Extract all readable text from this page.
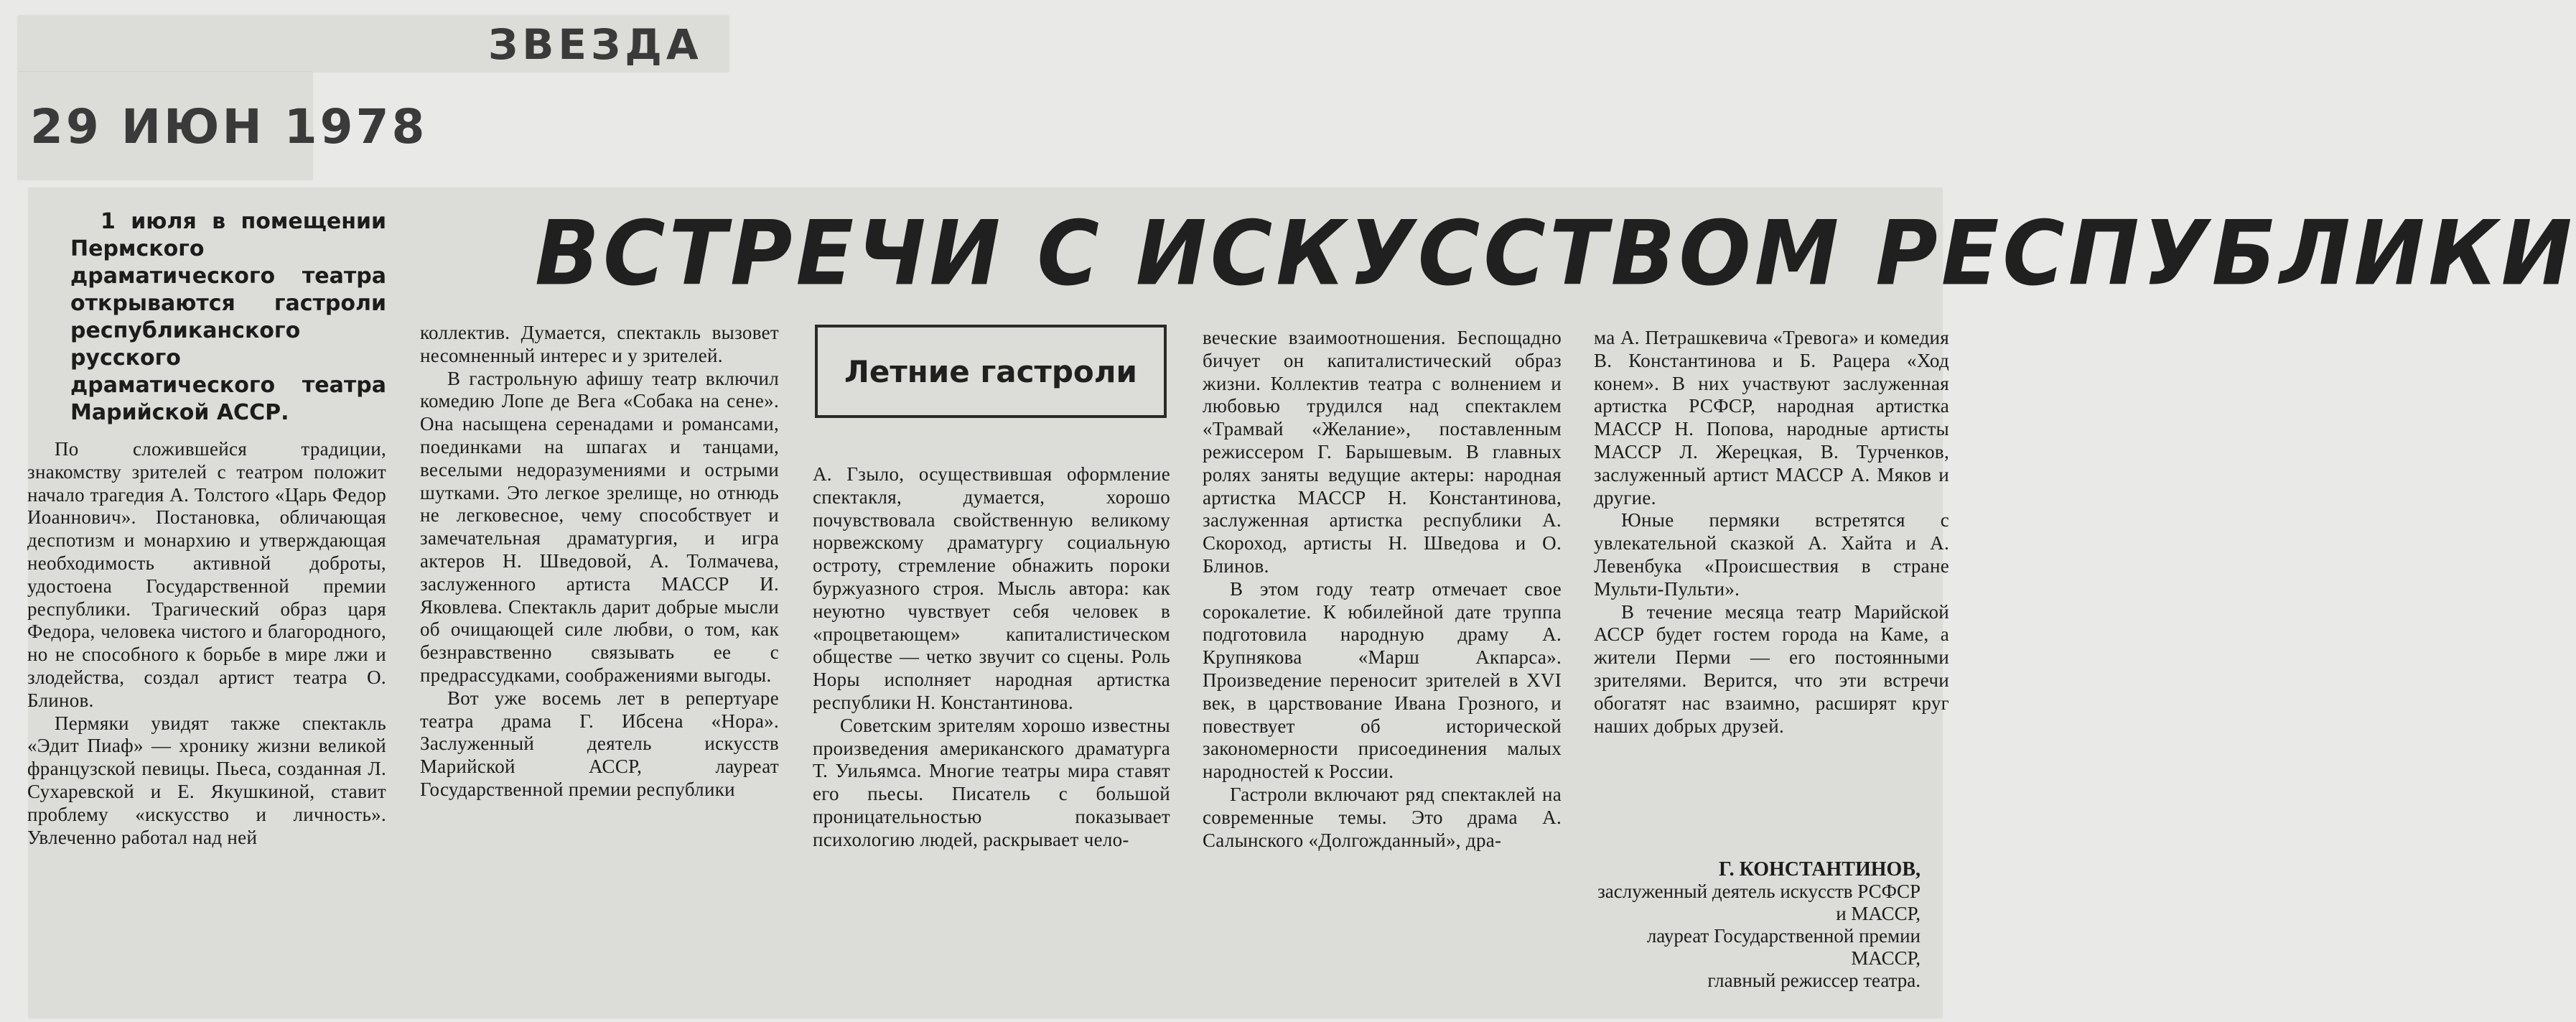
ЗВЕЗДА
29 ИЮН 1978
ВСТРЕЧИ С ИСКУССТВОМ РЕСПУБЛИКИ
1 июля в помещении Пермского драматического театра открываются гастроли республиканского русского драматического театра Марийской АССР.
Летние гастроли

По сложившейся традиции, знакомству зрителей с театром положит начало трагедия А. Толстого «Царь Федор Иоаннович». Постановка, обличающая деспотизм и монархию и утверждающая необходимость активной доброты, удостоена Государственной премии республики. Трагический образ царя Федора, человека чистого и благородного, но не способного к борьбе в мире лжи и злодейства, создал артист театра О. Блинов.

Пермяки увидят также спектакль «Эдит Пиаф» — хронику жизни великой французской певицы. Пьеса, созданная Л. Сухаревской и Е. Якушкиной, ставит проблему «искусство и личность». Увлеченно работал над ней

коллектив. Думается, спектакль вызовет несомненный интерес и у зрителей.

В гастрольную афишу театр включил комедию Лопе де Вега «Собака на сене». Она насыщена серенадами и романсами, поединками на шпагах и танцами, веселыми недоразумениями и острыми шутками. Это легкое зрелище, но отнюдь не легковесное, чему способствует и замечательная драматургия, и игра актеров Н. Шведовой, А. Толмачева, заслуженного артиста МАССР И. Яковлева. Спектакль дарит добрые мысли об очищающей силе любви, о том, как безнравственно связывать ее с предрассудками, соображениями выгоды.

Вот уже восемь лет в репертуаре театра драма Г. Ибсена «Нора». Заслуженный деятель искусств Марийской АССР, лауреат Государственной премии республики

А. Гзыло, осуществившая оформление спектакля, думается, хорошо почувствовала свойственную великому норвежскому драматургу социальную остроту, стремление обнажить пороки буржуазного строя. Мысль автора: как неуютно чувствует себя человек в «процветающем» капиталистическом обществе — четко звучит со сцены. Роль Норы исполняет народная артистка республики Н. Константинова.

Советским зрителям хорошо известны произведения американского драматурга Т. Уильямса. Многие театры мира ставят его пьесы. Писатель с большой проницательностью показывает психологию людей, раскрывает чело-

веческие взаимоотношения. Беспощадно бичует он капиталистический образ жизни. Коллектив театра с волнением и любовью трудился над спектаклем «Трамвай «Желание», поставленным режиссером Г. Барышевым. В главных ролях заняты ведущие актеры: народная артистка МАССР Н. Константинова, заслуженная артистка республики А. Скороход, артисты Н. Шведова и О. Блинов.

В этом году театр отмечает свое сорокалетие. К юбилейной дате труппа подготовила народную драму А. Крупнякова «Марш Акпарса». Произведение переносит зрителей в XVI век, в царствование Ивана Грозного, и повествует об исторической закономерности присоединения малых народностей к России.

Гастроли включают ряд спектаклей на современные темы. Это драма А. Салынского «Долгожданный», дра-

ма А. Петрашкевича «Тревога» и комедия В. Константинова и Б. Рацера «Ход конем». В них участвуют заслуженная артистка РСФСР, народная артистка МАССР Н. Попова, народные артисты МАССР Л. Жерецкая, В. Турченков, заслуженный артист МАССР А. Мяков и другие.

Юные пермяки встретятся с увлекательной сказкой А. Хайта и А. Левенбука «Происшествия в стране Мульти-Пульти».

В течение месяца театр Марийской АССР будет гостем города на Каме, а жители Перми — его постоянными зрителями. Верится, что эти встречи обогатят нас взаимно, расширят круг наших добрых друзей.

Г. КОНСТАНТИНОВ,
заслуженный деятель искусств РСФСР и МАССР,
лауреат Государственной премии МАССР,
главный режиссер театра.
